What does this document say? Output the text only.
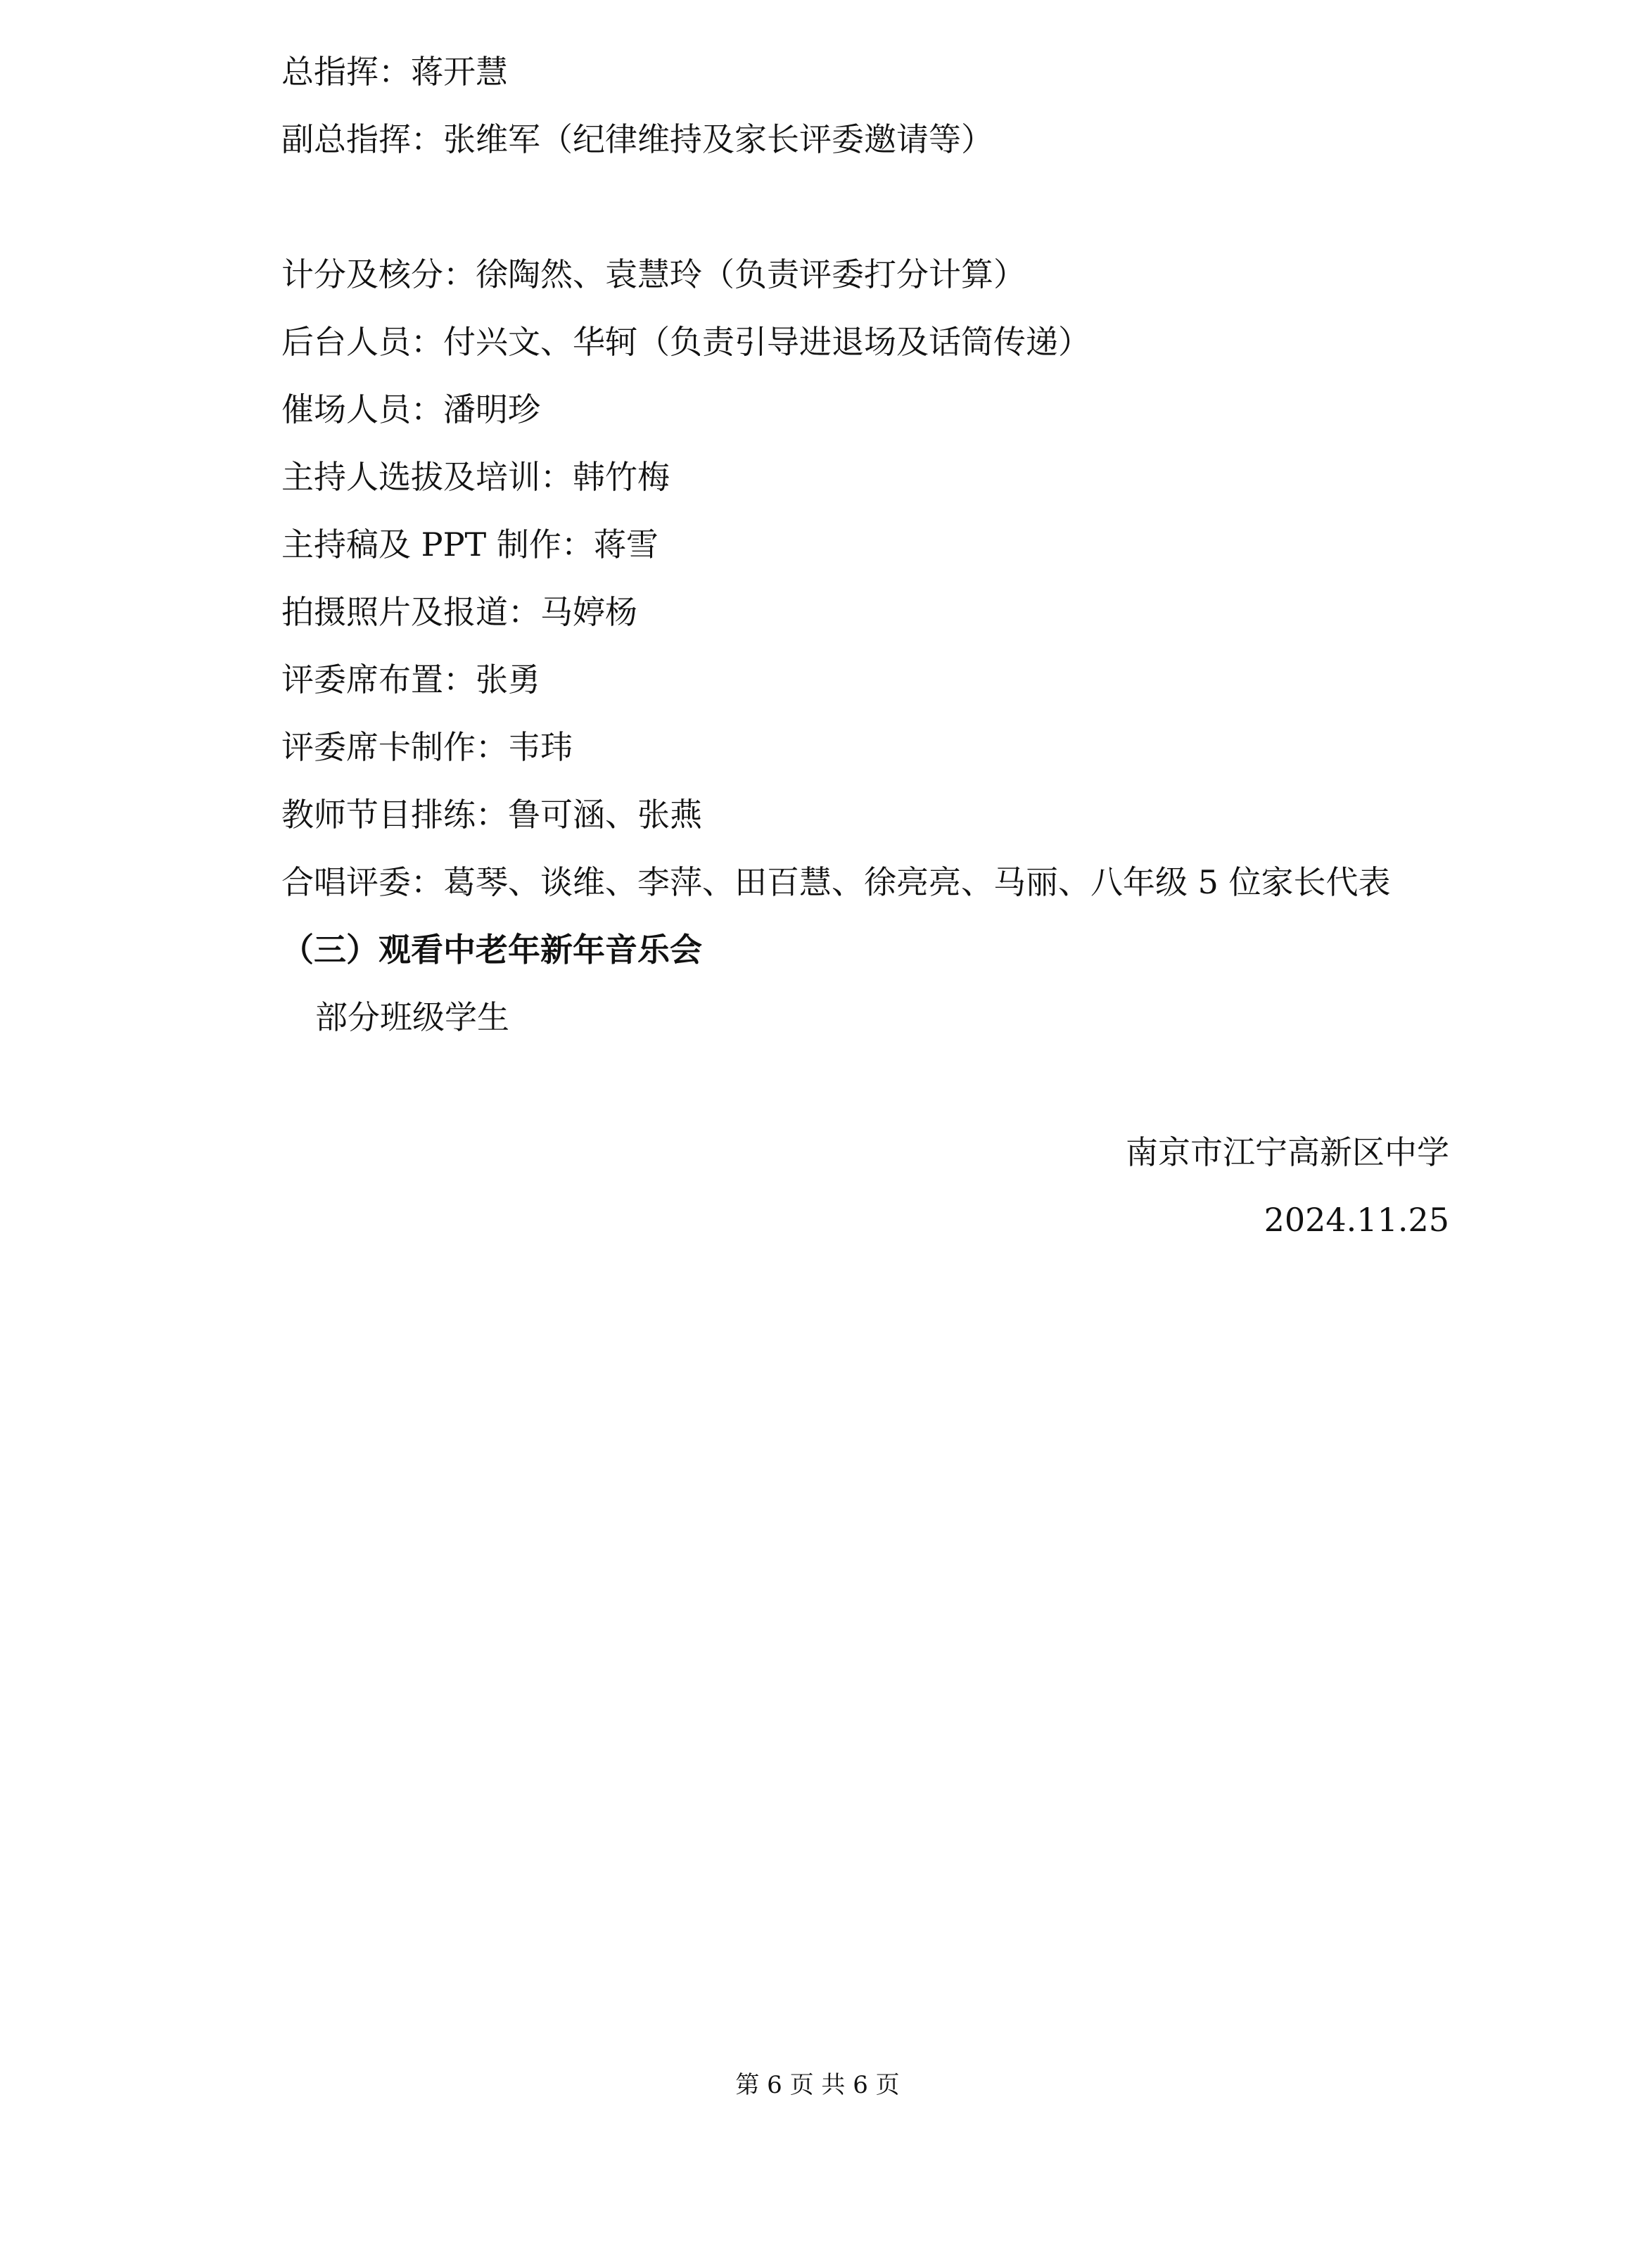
总指挥：蒋开慧
副总指挥：张维军（纪律维持及家长评委邀请等）
计分及核分：徐陶然、袁慧玲（负责评委打分计算）
后台人员：付兴文、华轲（负责引导进退场及话筒传递）
催场人员：潘明珍
主持人选拔及培训：韩竹梅
主持稿及 PPT 制作：蒋雪
拍摄照片及报道：马婷杨
评委席布置：张勇
评委席卡制作：韦玮
教师节目排练：鲁可涵、张燕
合唱评委：葛琴、谈维、李萍、田百慧、徐亮亮、马丽、八年级 5 位家长代表
（三）观看中老年新年音乐会
部分班级学生
南京市江宁高新区中学
2024.11.25
第 6 页 共 6 页
